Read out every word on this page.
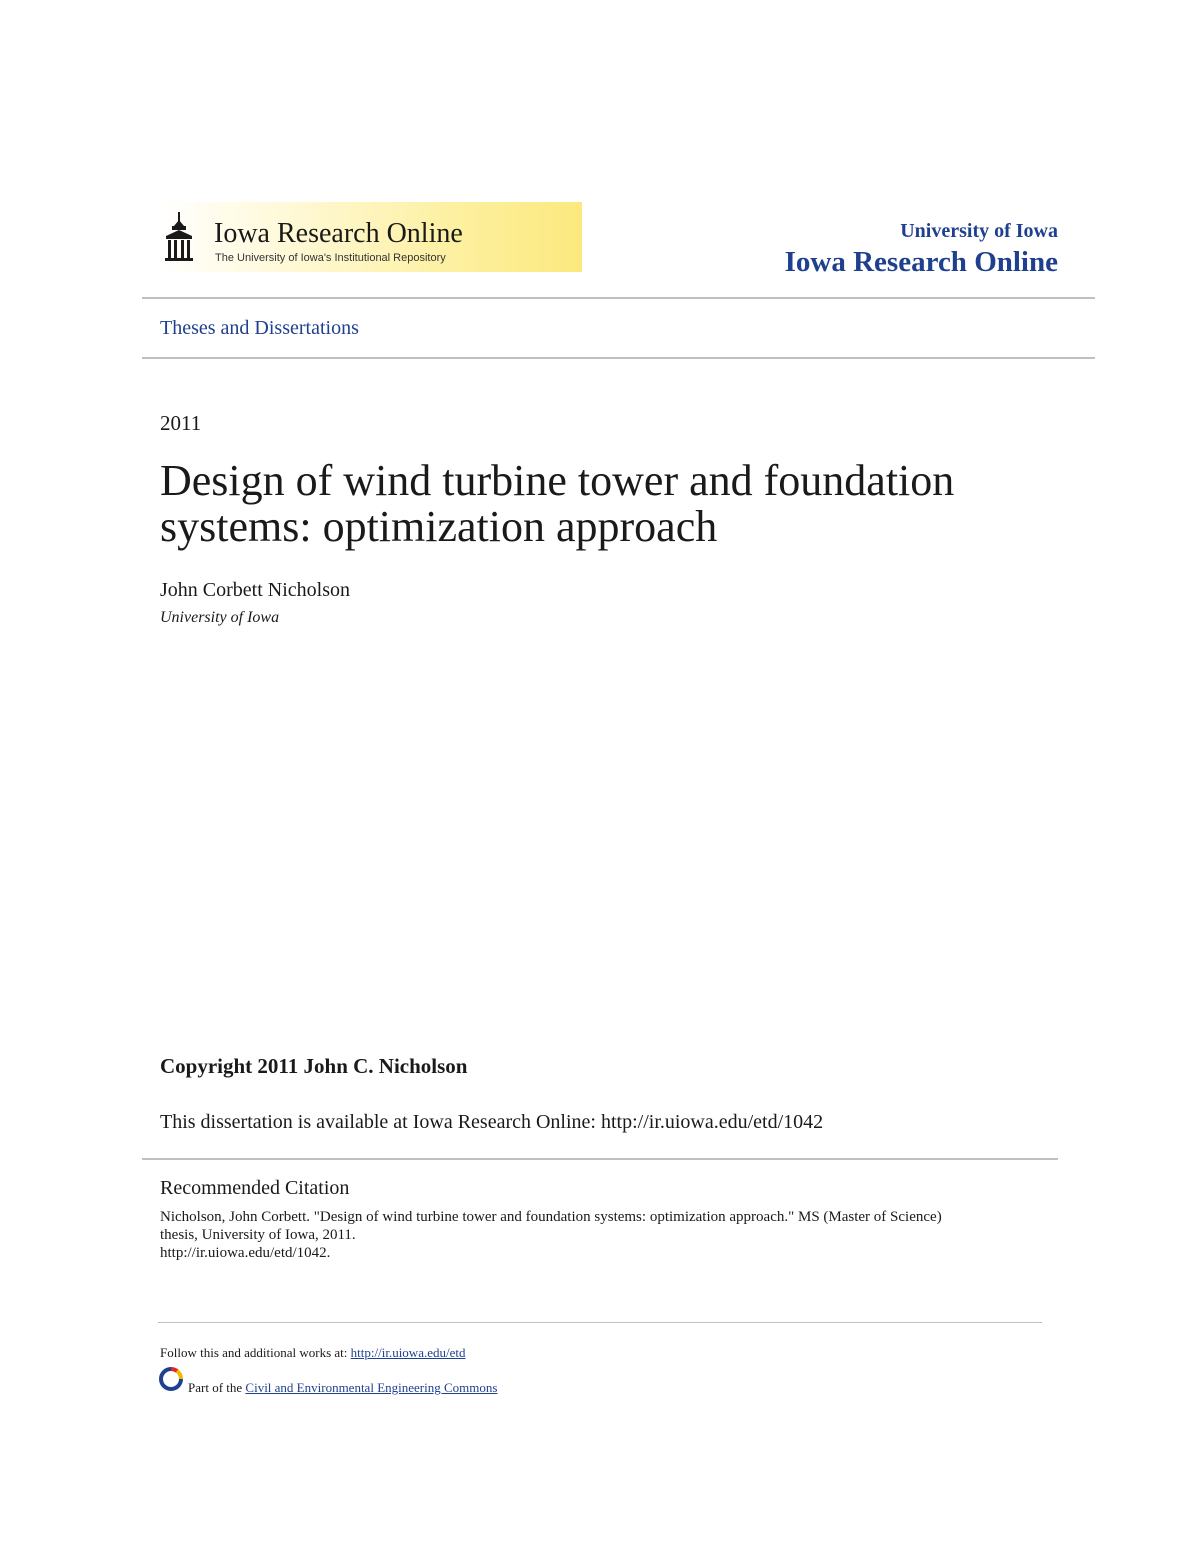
Iowa Research Online
The University of Iowa's Institutional Repository
University of Iowa
Iowa Research Online
Theses and Dissertations
2011
Design of wind turbine tower and foundation systems: optimization approach
John Corbett Nicholson
University of Iowa
Copyright 2011 John C. Nicholson
This dissertation is available at Iowa Research Online: http://ir.uiowa.edu/etd/1042
Recommended Citation
Nicholson, John Corbett. "Design of wind turbine tower and foundation systems: optimization approach." MS (Master of Science)
thesis, University of Iowa, 2011.
http://ir.uiowa.edu/etd/1042.
Follow this and additional works at: http://ir.uiowa.edu/etd
Part of the Civil and Environmental Engineering Commons
